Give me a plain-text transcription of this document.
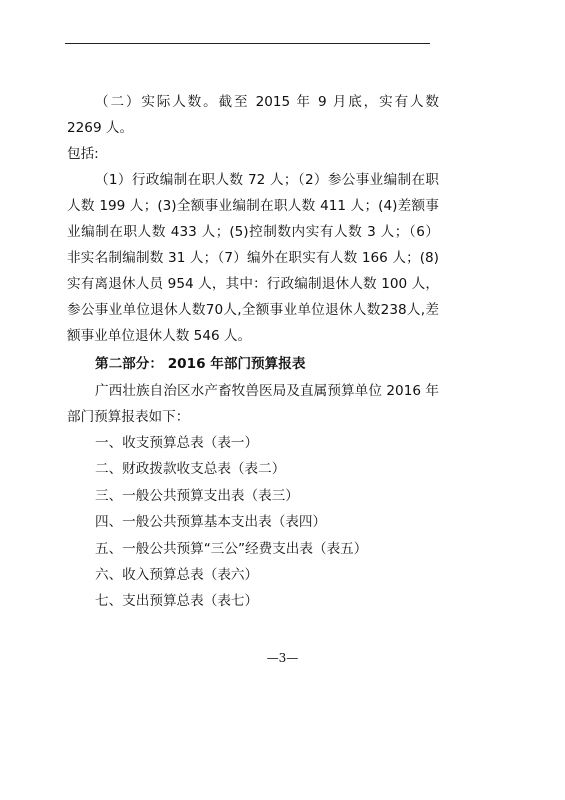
（二）实际人数。截至 2015 年 9 月底，实有人数 2269 人。

包括:

（1）行政编制在职人数 72 人；（2）参公事业编制在职人数 199 人；(3)全额事业编制在职人数 411 人；(4)差额事业编制在职人数 433 人；(5)控制数内实有人数 3 人；（6）非实名制编制数 31 人；（7）编外在职实有人数 166 人；(8)实有离退休人员 954 人，其中：行政编制退休人数 100 人，参公事业单位退休人数70人,全额事业单位退休人数238人,差额事业单位退休人数 546 人。

第二部分： 2016 年部门预算报表

广西壮族自治区水产畜牧兽医局及直属预算单位 2016 年部门预算报表如下：

一、收支预算总表（表一）
二、财政拨款收支总表（表二）
三、一般公共预算支出表（表三）
四、一般公共预算基本支出表（表四）
五、一般公共预算“三公”经费支出表（表五）
六、收入预算总表（表六）
七、支出预算总表（表七）
—3—
